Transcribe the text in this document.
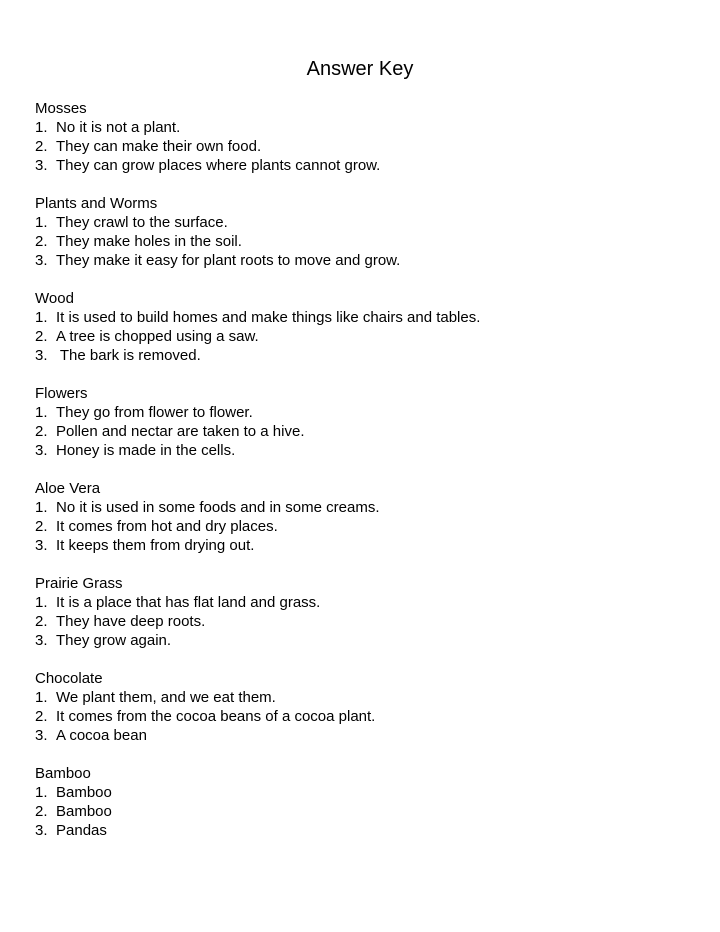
Answer Key
Mosses
1. No it is not a plant.
2. They can make their own food.
3. They can grow places where plants cannot grow.
Plants and Worms
1. They crawl to the surface.
2. They make holes in the soil.
3. They make it easy for plant roots to move and grow.
Wood
1. It is used to build homes and make things like chairs and tables.
2. A tree is chopped using a saw.
3. The bark is removed.
Flowers
1. They go from flower to flower.
2. Pollen and nectar are taken to a hive.
3. Honey is made in the cells.
Aloe Vera
1. No it is used in some foods and in some creams.
2. It comes from hot and dry places.
3. It keeps them from drying out.
Prairie Grass
1. It is a place that has flat land and grass.
2. They have deep roots.
3. They grow again.
Chocolate
1. We plant them, and we eat them.
2. It comes from the cocoa beans of a cocoa plant.
3. A cocoa bean
Bamboo
1. Bamboo
2. Bamboo
3. Pandas
